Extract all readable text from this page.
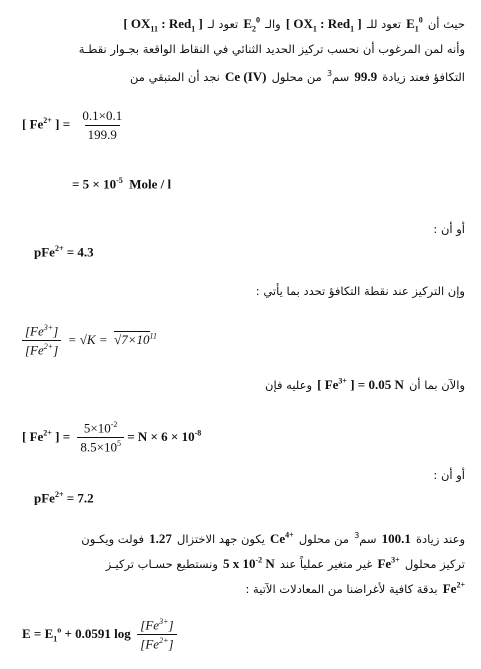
حيث أن $E_1^0$ تعود للـ [ $OX_1$ : Red$_1$ ] والـ $E_2^0$ تعود لـ [ $OX_{11}$ : Red$_1$ ]
وأنه لمن المرغوب أن نحسب تركيز الحديد الثنائي في النقاط الواقعة بجـوار نقطـة
التكافؤ فعند زيادة 99.9 سم$^3$ من محلول Ce (IV) نجد أن المتبقي من
[ $Fe^{2+}$ ] = $\frac{0.1\times 0.1}{199.9}$
= $5 \times 10^{-5}$  Mole / l
أو أن :
pFe$^{2+}$ = 4.3
وإن التركيز عند نقطة التكافؤ تحدد بما يأتي :
$\frac{[Fe^{3+}]}{[Fe^{2+}]} = √K = √7\times 10^{11}$
والآن بما أن [ $Fe^{3+}$ ] = 0.05 N وعليه فإن
[ $Fe^{2+}$ ] = $\frac{5\times 10^{-2}}{8.5\times 10^5} = N \times 6 \times 10^{-8}$
أو أن :
pFe$^{2+}$ = 7.2
وعند زيادة 100.1 سم$^3$ من محلول $Ce^{4+}$ يكون جهد الاختزال 1.27 فولت ويكـون
تركيز محلول $Fe^{3+}$ غير متغير عملياً عند 5 x $10^{-2}$ N ونستطيع حسـاب تركيـز
$Fe^{2+}$ بدقة كافية لأغراضنا من المعادلات الآتية :
$E = E_1^o + 0.0591$ $\log \frac{[Fe^{3+}]}{[Fe^{2+}]}$
